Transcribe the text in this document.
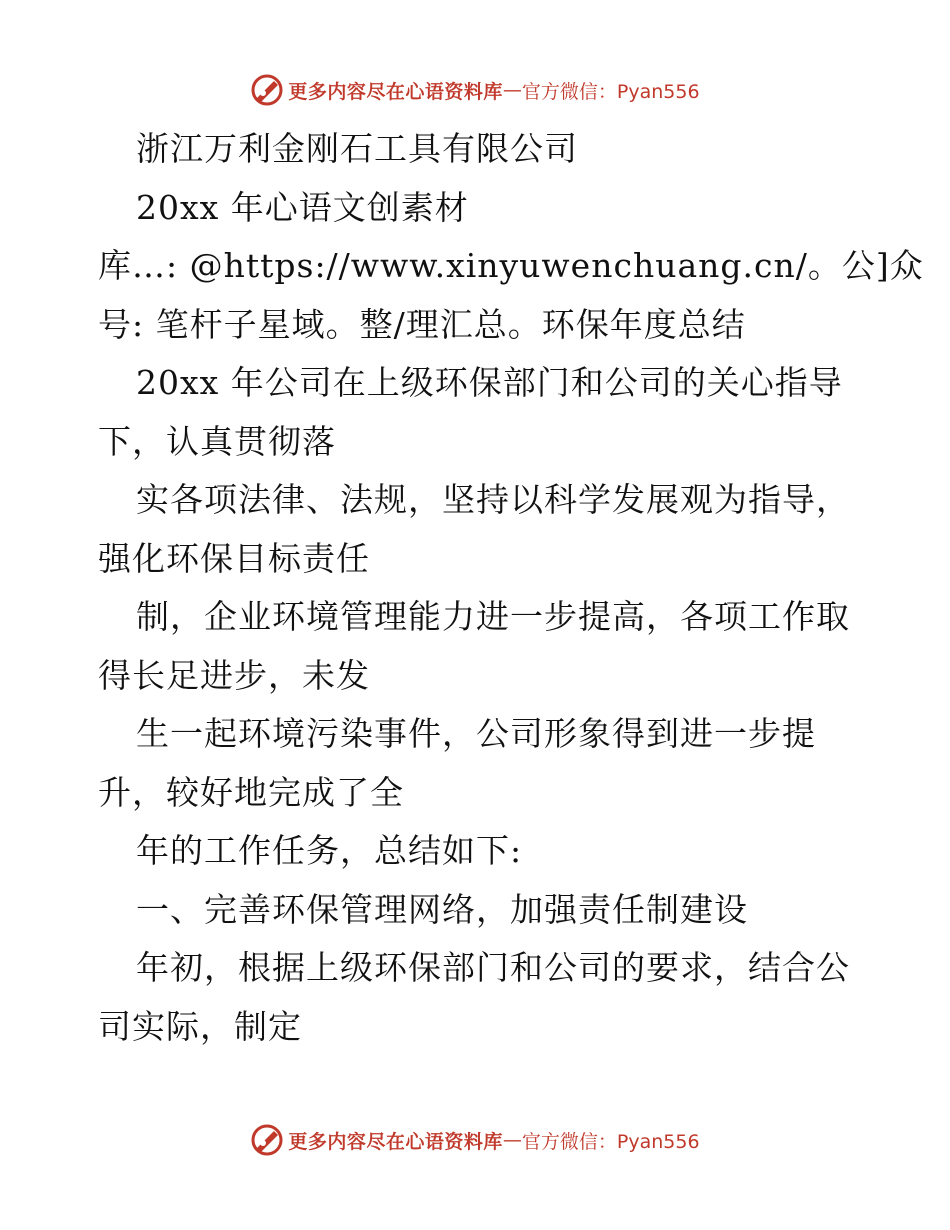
更多内容尽在心语资料库 — 官方微信：Pyan556
浙江万利金刚石工具有限公司
20xx 年心语文创素材
库…: @https://www.xinyuwenchuang.cn/。公]众
号: 笔杆子星域。整/理汇总。环保年度总结
20xx 年公司在上级环保部门和公司的关心指导
下，认真贯彻落
实各项法律、法规，坚持以科学发展观为指导，
强化环保目标责任
制，企业环境管理能力进一步提高，各项工作取
得长足进步，未发
生一起环境污染事件，公司形象得到进一步提
升，较好地完成了全
年的工作任务，总结如下:
一、完善环保管理网络，加强责任制建设
年初，根据上级环保部门和公司的要求，结合公
司实际，制定
更多内容尽在心语资料库 — 官方微信：Pyan556
